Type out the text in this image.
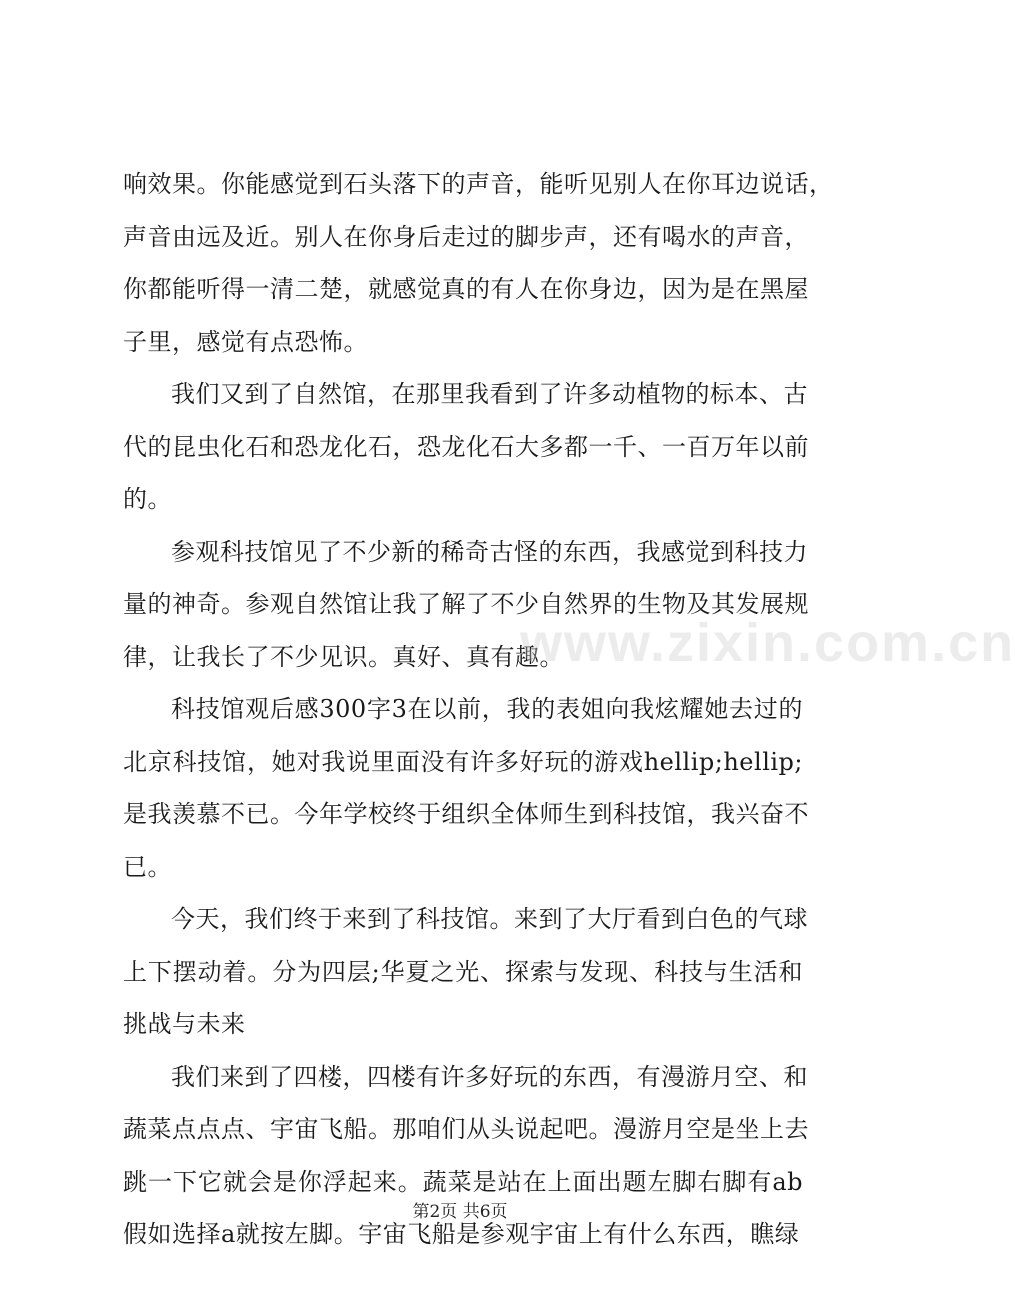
响效果。你能感觉到石头落下的声音，能听见别人在你耳边说话，
声音由远及近。别人在你身后走过的脚步声，还有喝水的声音，
你都能听得一清二楚，就感觉真的有人在你身边，因为是在黑屋
子里，感觉有点恐怖。
我们又到了自然馆，在那里我看到了许多动植物的标本、古
代的昆虫化石和恐龙化石，恐龙化石大多都一千、一百万年以前
的。
参观科技馆见了不少新的稀奇古怪的东西，我感觉到科技力
量的神奇。参观自然馆让我了解了不少自然界的生物及其发展规
律，让我长了不少见识。真好、真有趣。
科技馆观后感300字3在以前，我的表姐向我炫耀她去过的
北京科技馆，她对我说里面没有许多好玩的游戏hellip;hellip;
是我羡慕不已。今年学校终于组织全体师生到科技馆，我兴奋不
已。
今天，我们终于来到了科技馆。来到了大厅看到白色的气球
上下摆动着。分为四层;华夏之光、探索与发现、科技与生活和
挑战与未来
我们来到了四楼，四楼有许多好玩的东西，有漫游月空、和
蔬菜点点点、宇宙飞船。那咱们从头说起吧。漫游月空是坐上去
跳一下它就会是你浮起来。蔬菜是站在上面出题左脚右脚有ab
假如选择a就按左脚。宇宙飞船是参观宇宙上有什么东西，瞧绿
www.zixin.com.cn
第2页 共6页
